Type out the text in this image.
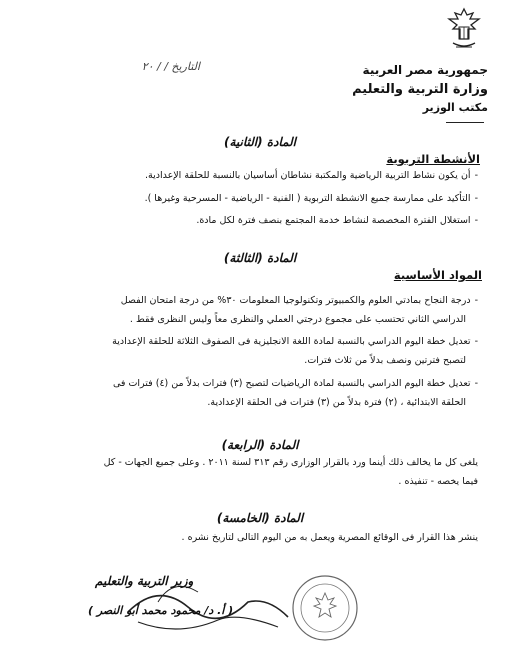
جمهورية مصر العربية
وزارة التربية والتعليم
مكتب الوزير
التاريخ / / ٢٠
المادة (الثانية)
الأنشطة التربوية
- أن يكون نشاط التربية الرياضية والمكتبة نشاطان أساسيان بالنسبة للحلقة الإعدادية.
- التأكيد على ممارسة جميع الانشطة التربوية ( الفنية - الرياضية - المسرحية وغيرها ).
- استغلال الفترة المخصصة لنشاط خدمة المجتمع بنصف فترة لكل مادة.
المادة (الثالثة)
المواد الأساسية
- درجة النجاح بمادتي العلوم والكمبيوتر وتكنولوجيا المعلومات ٣٠% من درجة امتحان الفصل
الدراسي الثاني تحتسب على مجموع درجتي العملي والنظرى معاً وليس النظرى فقط .
- تعديل خطة اليوم الدراسي بالنسبة لمادة اللغة الانجليزية فى الصفوف الثلاثة للحلقة الإعدادية
لتصبح فترتين ونصف بدلاً من ثلاث فترات.
- تعديل خطة اليوم الدراسي بالنسبة لمادة الرياضيات لتصبح (٣) فترات بدلاً من (٤) فترات فى
الحلقة الابتدائية ، (٢) فترة بدلاً من (٣) فترات فى الحلقة الإعدادية.
المادة (الرابعة)
يلغى كل ما يخالف ذلك أينما ورد بالقرار الوزارى رقم ٣١٣ لسنة ٢٠١١ . وعلى جميع الجهات - كل
فيما يخصه - تنفيذه .
المادة (الخامسة)
ينشر هذا القرار فى الوقائع المصرية ويعمل به من اليوم التالى لتاريخ نشره .
وزير التربية والتعليم
( أ. د/ محمود محمد أبو النصر )
